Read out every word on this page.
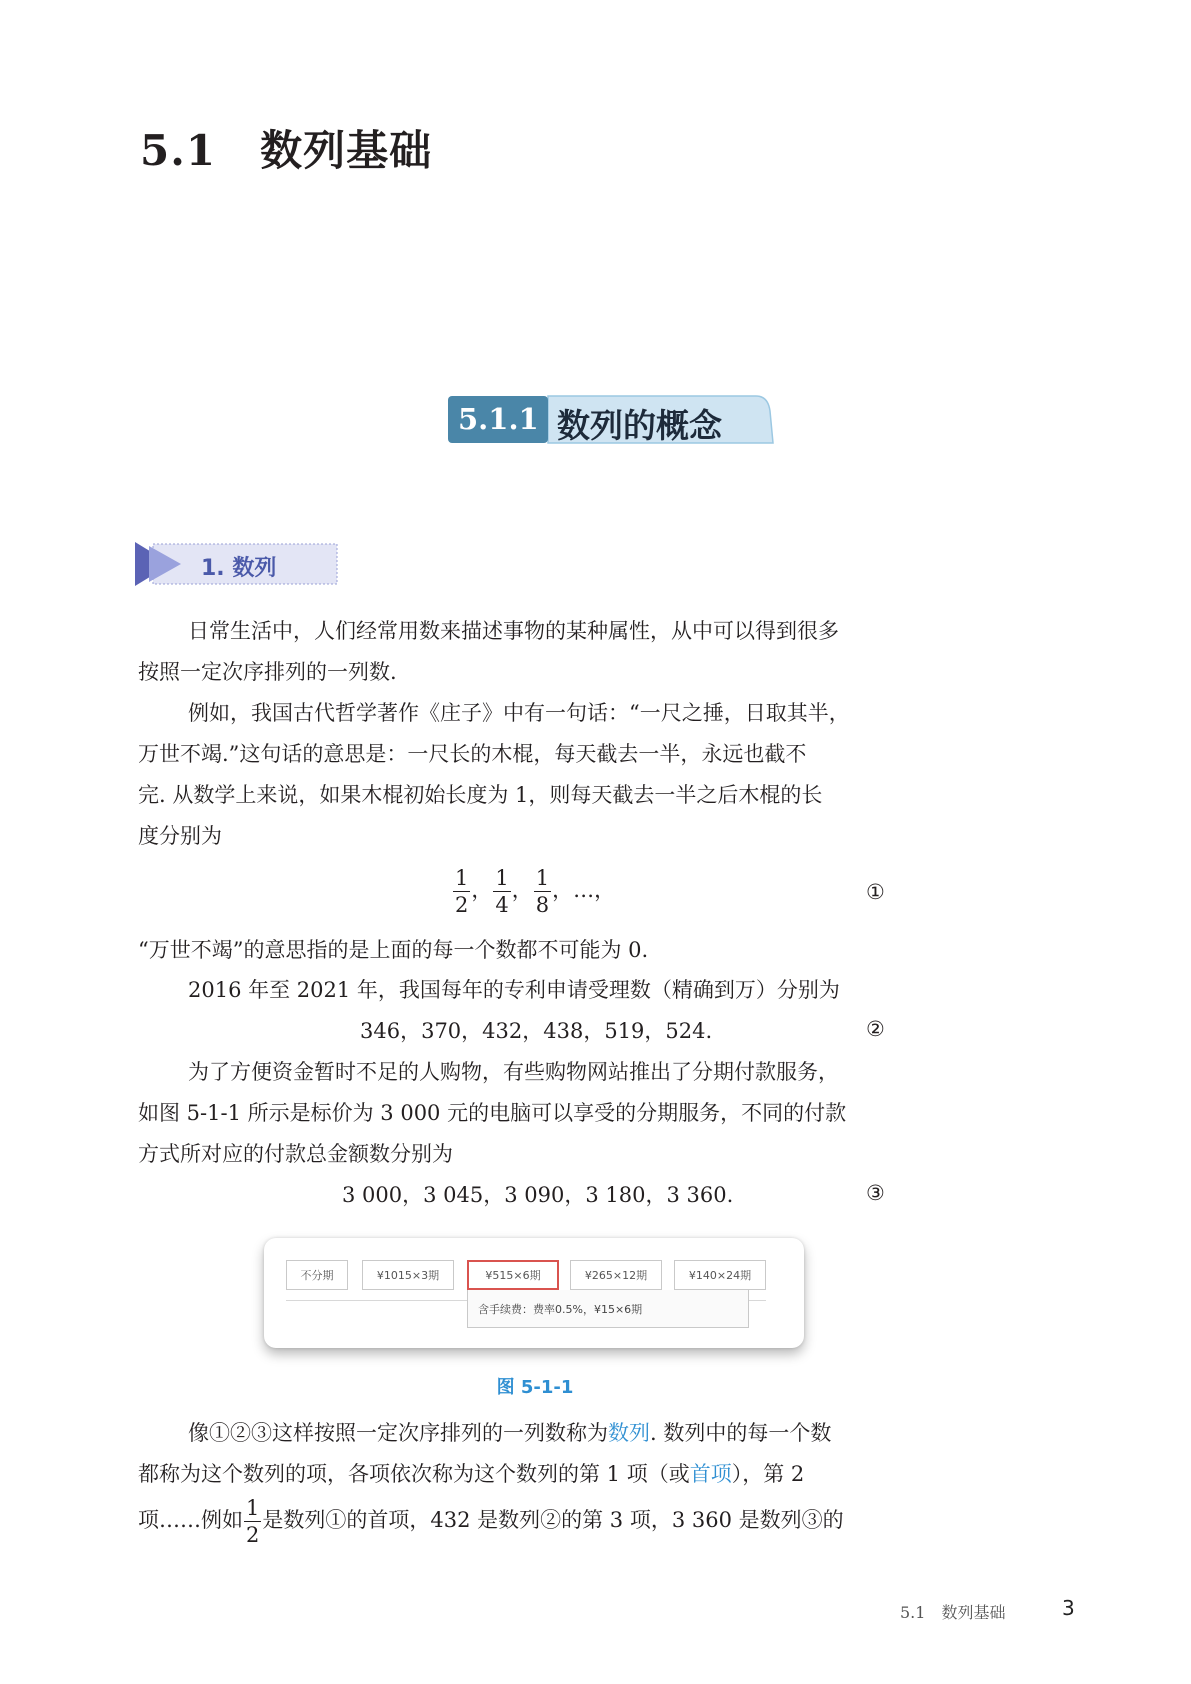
5.1 数列基础
5.1.1 数列的概念
1. 数列
日常生活中，人们经常用数来描述事物的某种属性，从中可以得到很多
按照一定次序排列的一列数.
例如，我国古代哲学著作《庄子》中有一句话：“一尺之捶，日取其半，
万世不竭.”这句话的意思是：一尺长的木棍，每天截去一半，永远也截不
完. 从数学上来说，如果木棍初始长度为 1，则每天截去一半之后木棍的长
度分别为
$\frac{1}{2}$ ， $\frac{1}{4}$ ， $\frac{1}{8}$ ，…，	①
“万世不竭”的意思指的是上面的每一个数都不可能为 0.
2016 年至 2021 年，我国每年的专利申请受理数（精确到万）分别为
346，370，432，438，519，524.	②
为了方便资金暂时不足的人购物，有些购物网站推出了分期付款服务，
如图 5-1-1 所示是标价为 3 000 元的电脑可以享受的分期服务，不同的付款
方式所对应的付款总金额数分别为
3 000，3 045，3 090，3 180，3 360.	③
不分期	¥1015×3期	¥515×6期	¥265×12期	¥140×24期
含手续费：费率0.5%，¥15×6期
图 5-1-1
像①②③这样按照一定次序排列的一列数称为数列. 数列中的每一个数
都称为这个数列的项，各项依次称为这个数列的第 1 项（或首项），第 2
项……例如 $\frac{1}{2}$ 是数列①的首项，432 是数列②的第 3 项，3 360 是数列③的
5.1　数列基础	3
